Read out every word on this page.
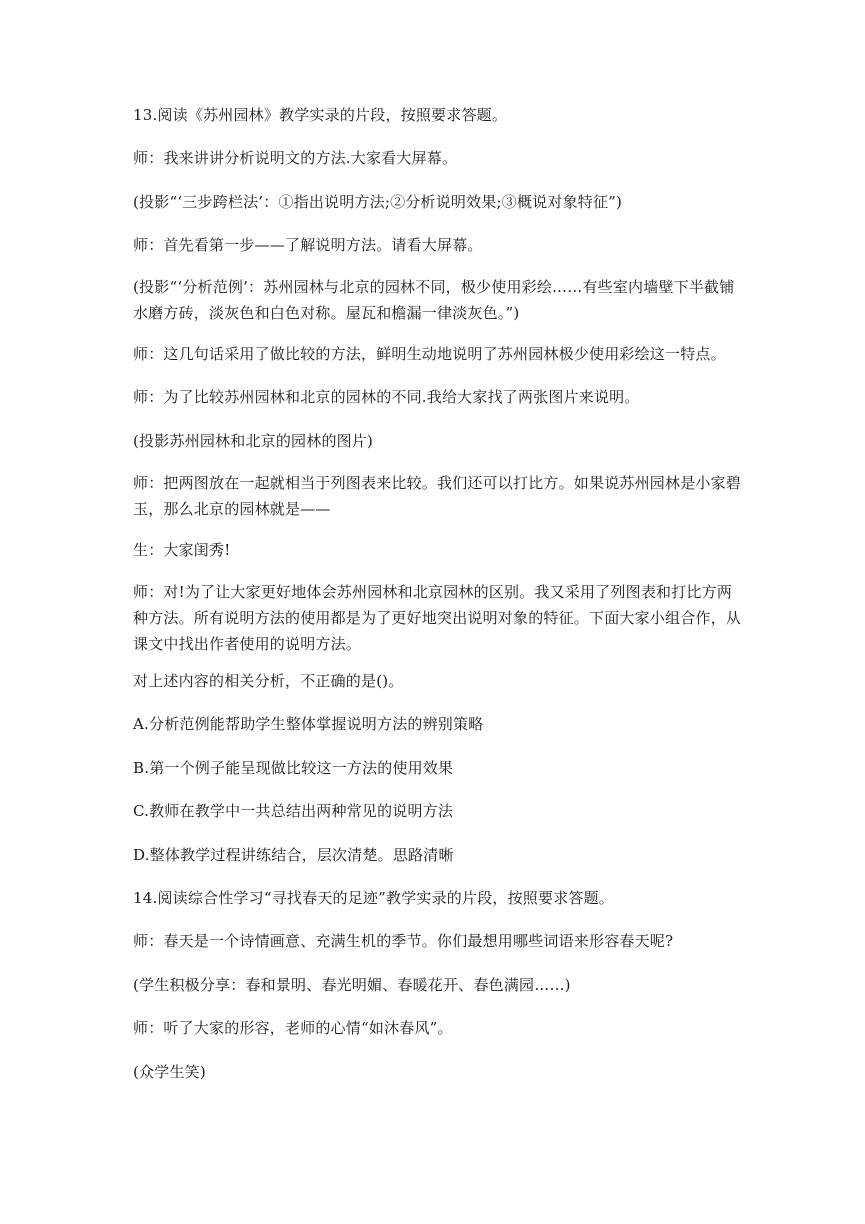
13.阅读《苏州园林》教学实录的片段，按照要求答题。
师：我来讲讲分析说明文的方法.大家看大屏幕。
(投影“‘三步跨栏法’：①指出说明方法;②分析说明效果;③概说对象特征”)
师：首先看第一步——了解说明方法。请看大屏幕。
(投影“‘分析范例’：苏州园林与北京的园林不同，极少使用彩绘……有些室内墙壁下半截铺水磨方砖，淡灰色和白色对称。屋瓦和檐漏一律淡灰色。”)
师：这几句话采用了做比较的方法，鲜明生动地说明了苏州园林极少使用彩绘这一特点。
师：为了比较苏州园林和北京的园林的不同.我给大家找了两张图片来说明。
(投影苏州园林和北京的园林的图片)
师：把两图放在一起就相当于列图表来比较。我们还可以打比方。如果说苏州园林是小家碧玉，那么北京的园林就是——
生：大家闺秀!
师：对!为了让大家更好地体会苏州园林和北京园林的区别。我又采用了列图表和打比方两种方法。所有说明方法的使用都是为了更好地突出说明对象的特征。下面大家小组合作，从课文中找出作者使用的说明方法。
对上述内容的相关分析，不正确的是()。
A.分析范例能帮助学生整体掌握说明方法的辨别策略
B.第一个例子能呈现做比较这一方法的使用效果
C.教师在教学中一共总结出两种常见的说明方法
D.整体教学过程讲练结合，层次清楚。思路清晰
14.阅读综合性学习“寻找春天的足迹”教学实录的片段，按照要求答题。
师：春天是一个诗情画意、充满生机的季节。你们最想用哪些词语来形容春天呢?
(学生积极分享：春和景明、春光明媚、春暖花开、春色满园……)
师：听了大家的形容，老师的心情“如沐春风”。
(众学生笑)
